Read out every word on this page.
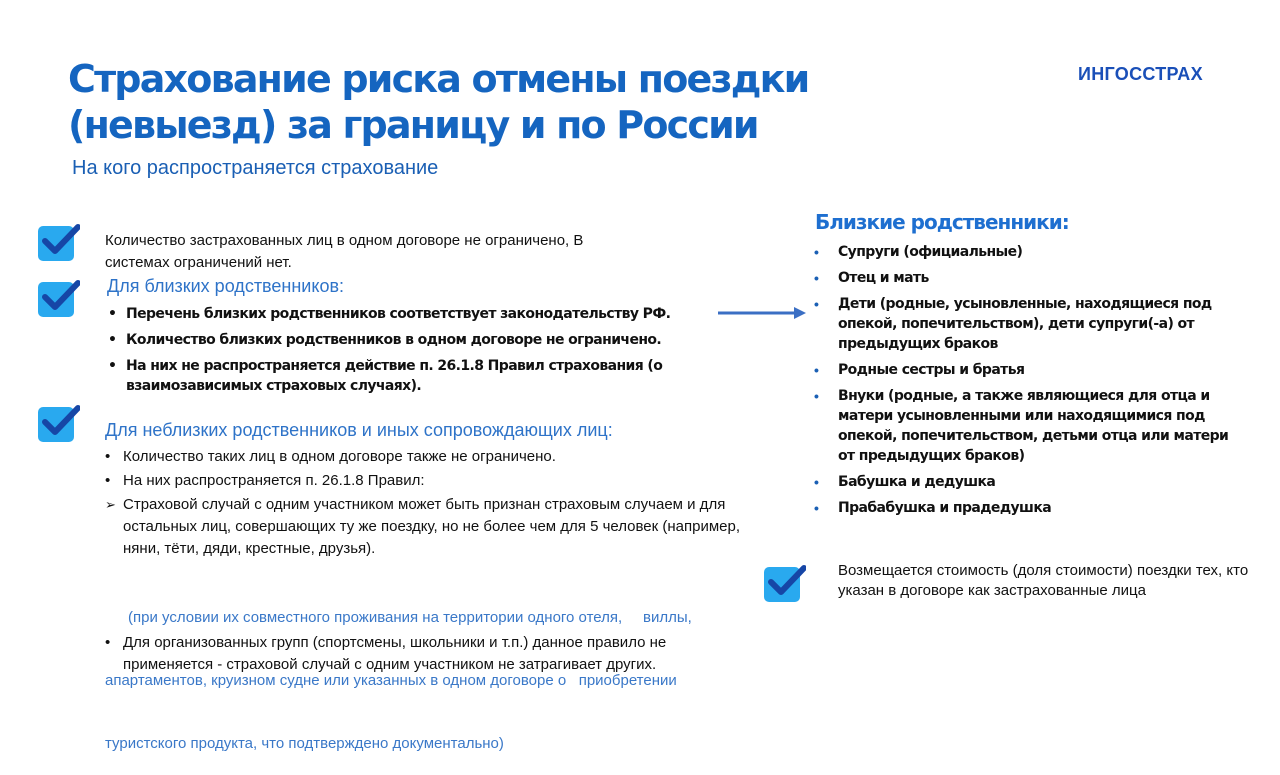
Страхование риска отмены поездки
(невыезд) за границу и по России
На кого распространяется страхование
ИНГОССТРАХ
Количество застрахованных лиц в одном договоре не ограничено, В системах ограничений нет.
Для близких родственников:
• Перечень близких родственников соответствует законодательству РФ.
• Количество близких родственников в одном договоре не ограничено.
• На них не распространяется действие п. 26.1.8 Правил страхования (о взаимозависимых страховых случаях).
Для неблизких родственников и иных сопровождающих лиц:
• Количество таких лиц в одном договоре также не ограничено.
• На них распространяется п. 26.1.8 Правил:
➢ Страховой случай с одним участником может быть признан страховым случаем и для остальных лиц, совершающих ту же поездку, но не более чем для 5 человек (например, няни, тёти, дяди, крестные, друзья).

(при условии их совместного проживания на территории одного отеля,     виллы,

апартаментов, круизном судне или указанных в одном договоре о   приобретении

туристского продукта, что подтверждено документально)

• Для организованных групп (спортсмены, школьники и т.п.) данное правило не применяется - страховой случай с одним участником не затрагивает других.
Близкие родственники:
• Супруги (официальные)
• Отец и мать
• Дети (родные, усыновленные, находящиеся под опекой, попечительством), дети супруги(-а) от предыдущих браков
• Родные сестры и братья
• Внуки (родные, а также являющиеся для отца и матери усыновленными или находящимися под опекой, попечительством, детьми отца или матери от предыдущих браков)
• Бабушка и дедушка
• Прабабушка и прадедушка
Возмещается стоимость (доля стоимости) поездки тех, кто указан в договоре как застрахованные лица
